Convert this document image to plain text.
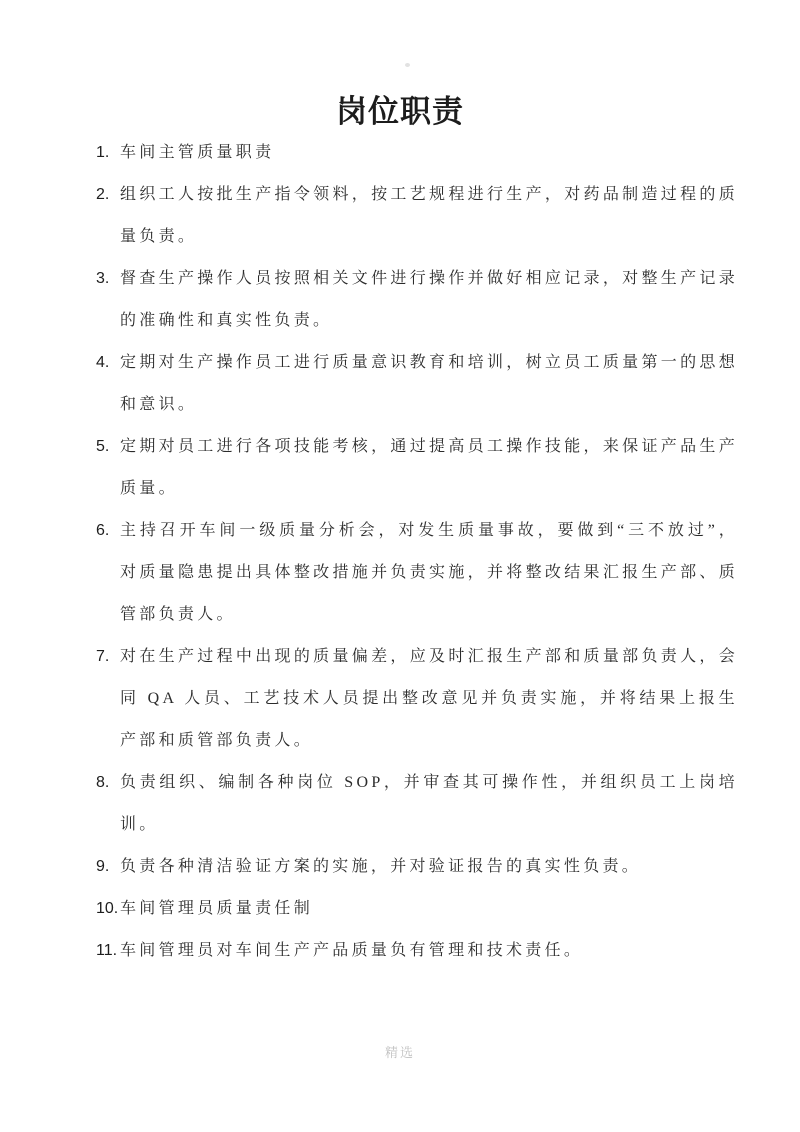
岗位职责
1. 车间主管质量职责
2. 组织工人按批生产指令领料，按工艺规程进行生产，对药品制造过程的质量负责。
3. 督查生产操作人员按照相关文件进行操作并做好相应记录，对整生产记录的准确性和真实性负责。
4. 定期对生产操作员工进行质量意识教育和培训，树立员工质量第一的思想和意识。
5. 定期对员工进行各项技能考核，通过提高员工操作技能，来保证产品生产质量。
6. 主持召开车间一级质量分析会，对发生质量事故，要做到“三不放过”，对质量隐患提出具体整改措施并负责实施，并将整改结果汇报生产部、质管部负责人。
7. 对在生产过程中出现的质量偏差，应及时汇报生产部和质量部负责人，会同 QA 人员、工艺技术人员提出整改意见并负责实施，并将结果上报生产部和质管部负责人。
8. 负责组织、编制各种岗位 SOP，并审查其可操作性，并组织员工上岗培训。
9. 负责各种清洁验证方案的实施，并对验证报告的真实性负责。
10. 车间管理员质量责任制
11. 车间管理员对车间生产产品质量负有管理和技术责任。
精选
